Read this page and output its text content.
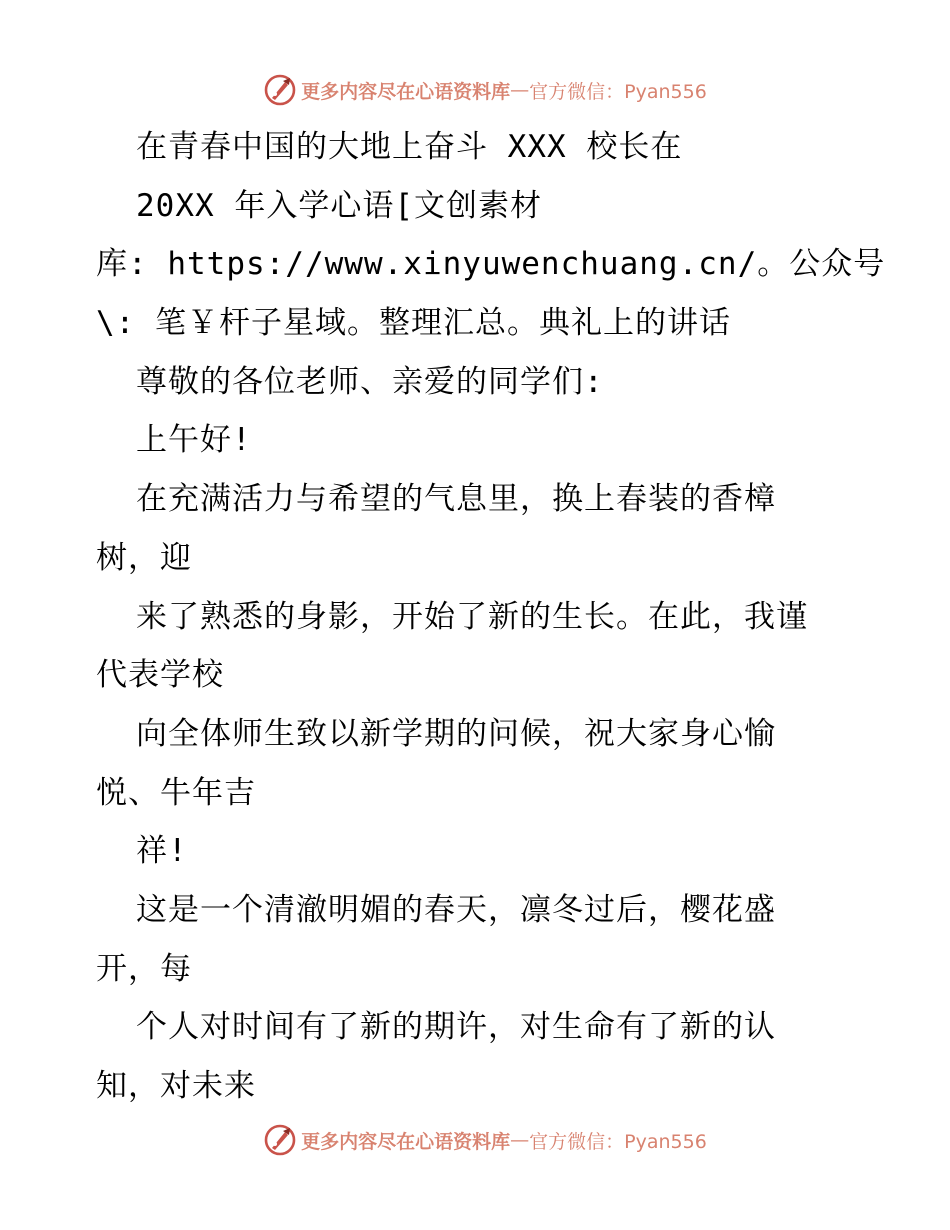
更多内容尽在心语资料库 — 官方微信：Pyan556
在青春中国的大地上奋斗 XXX 校长在
20XX 年入学心语[文创素材
库: https://www.xinyuwenchuang.cn/。公众号
\: 笔￥杆子星域。整理汇总。典礼上的讲话
尊敬的各位老师、亲爱的同学们:
上午好!
在充满活力与希望的气息里，换上春装的香樟
树，迎
来了熟悉的身影，开始了新的生长。在此，我谨
代表学校
向全体师生致以新学期的问候，祝大家身心愉
悦、牛年吉
祥!
这是一个清澈明媚的春天，凛冬过后，樱花盛
开，每
个人对时间有了新的期许，对生命有了新的认
知，对未来
更多内容尽在心语资料库 — 官方微信：Pyan556
